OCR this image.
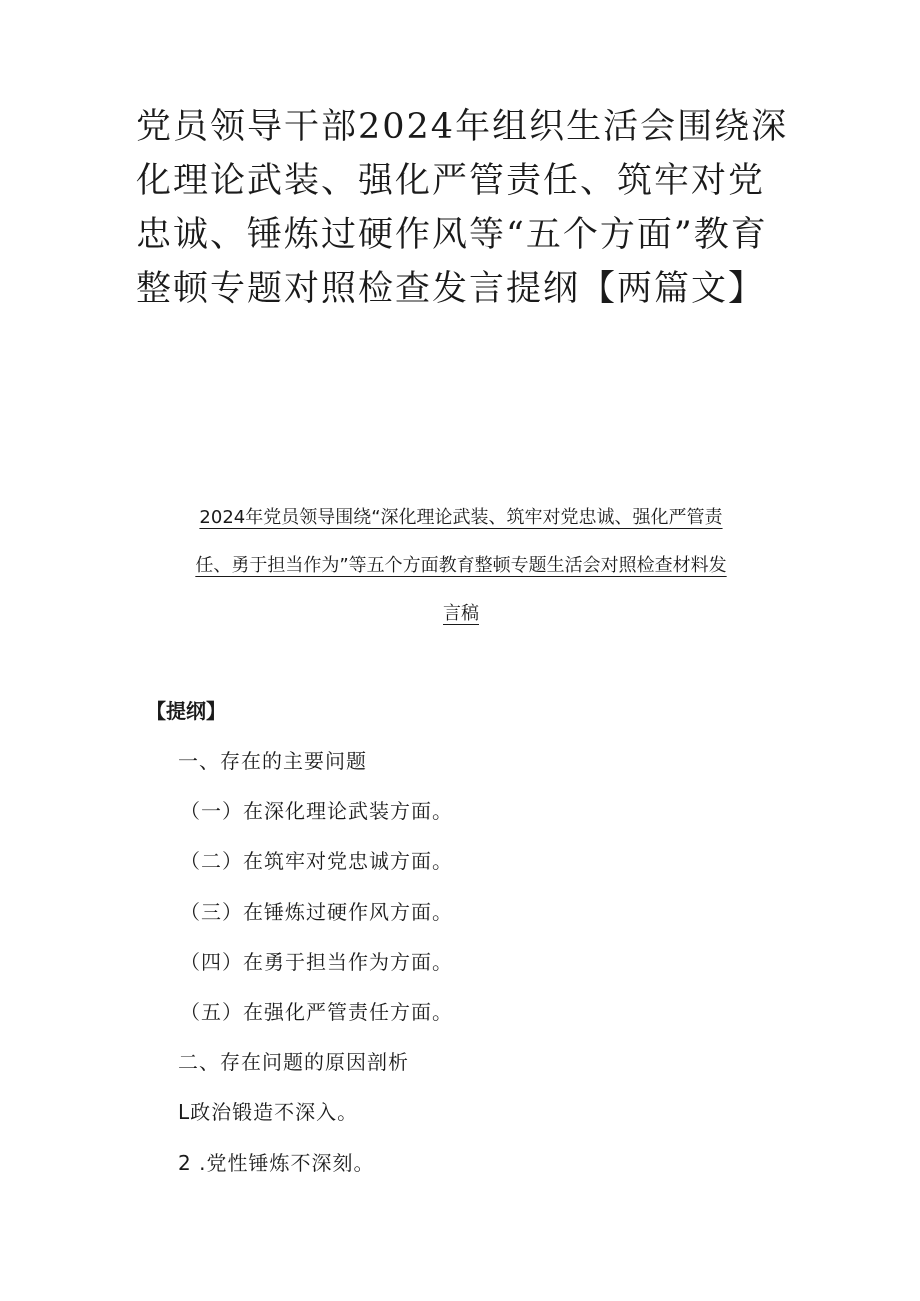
党员领导干部2024年组织生活会围绕深化理论武装、强化严管责任、筑牢对党忠诚、锤炼过硬作风等“五个方面”教育整顿专题对照检查发言提纲【两篇文】
2024年党员领导围绕“深化理论武装、筑牢对党忠诚、强化严管责
任、勇于担当作为”等五个方面教育整顿专题生活会对照检查材料发
言稿
【提纲】
一、存在的主要问题
（一）在深化理论武装方面。
（二）在筑牢对党忠诚方面。
（三）在锤炼过硬作风方面。
（四）在勇于担当作为方面。
（五）在强化严管责任方面。
二、存在问题的原因剖析
L政治锻造不深入。
2 .党性锤炼不深刻。
